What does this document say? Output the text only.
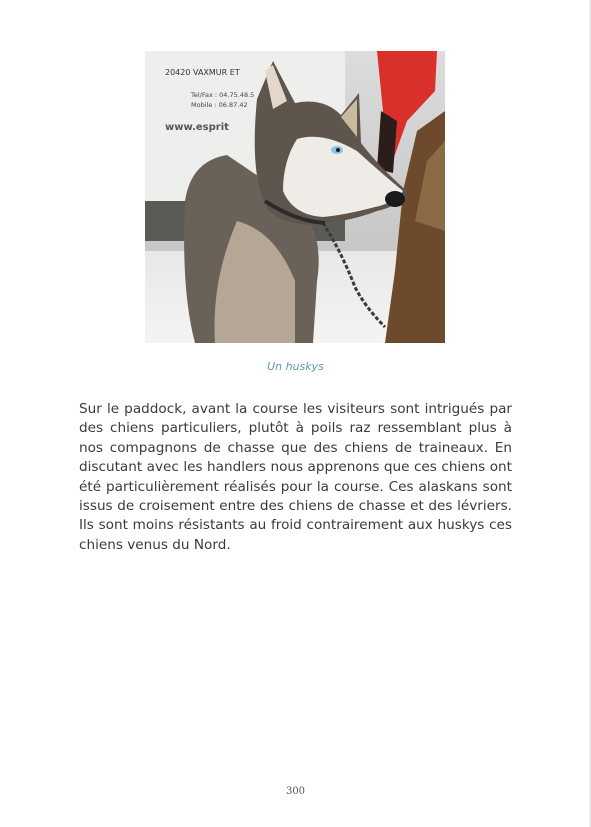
20420 VAXMUR ET
Tel/Fax : 04.75.48.5
Mobile : 06.87.42
www.esprit
Un huskys

Sur le paddock, avant la course les visiteurs sont intrigués par des chiens particuliers, plutôt à poils raz ressemblant plus à nos compagnons de chasse que des chiens de traineaux. En discutant avec les handlers nous apprenons que ces chiens ont été particulièrement réalisés pour la course. Ces alaskans sont issus de croisement entre des chiens de chasse et des lévriers. Ils sont moins résistants au froid contrairement aux huskys ces chiens venus du Nord.

300
